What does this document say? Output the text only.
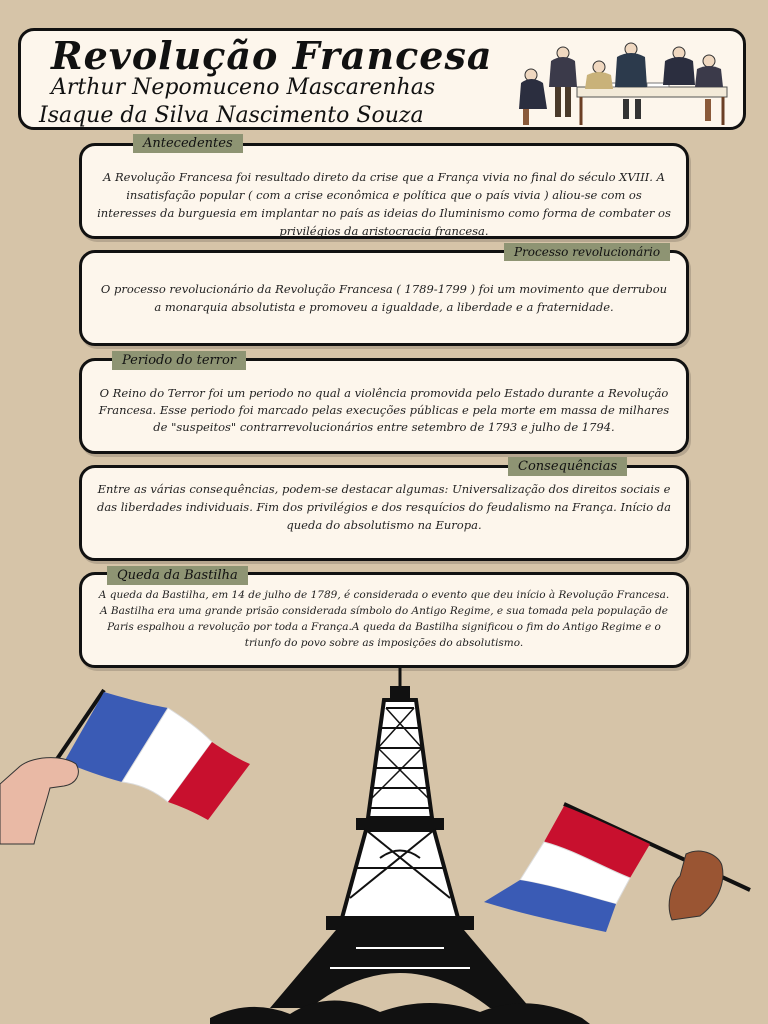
Revolução Francesa

Arthur Nepomuceno Mascarenhas

Isaque da Silva Nascimento Souza

A Revolução Francesa foi resultado direto da crise que a França vivia no final do século XVIII. A insatisfação popular ( com a crise econômica e política que o país vivia ) aliou-se com os interesses da burguesia em implantar no país as ideias do Iluminismo como forma de combater os privilégios da aristocracia francesa.

Antecedentes

O processo revolucionário da Revolução Francesa ( 1789-1799 ) foi um movimento que derrubou a monarquia absolutista e promoveu a igualdade, a liberdade e a fraternidade.

Processo revolucionário

O Reino do Terror foi um periodo no qual a violência promovida pelo Estado durante a Revolução Francesa. Esse periodo foi marcado pelas execuções públicas e pela morte em massa de milhares de "suspeitos" contrarrevolucionários entre setembro de 1793 e julho de 1794.

Periodo do terror

Entre as várias consequências, podem-se destacar algumas: Universalização dos direitos sociais e das liberdades individuais. Fim dos privilégios e dos resquícios do feudalismo na França. Início da queda do absolutismo na Europa.

Consequências

A queda da Bastilha, em 14 de julho de 1789, é considerada o evento que deu início à Revolução Francesa. A Bastilha era uma grande prisão considerada símbolo do Antigo Regime, e sua tomada pela população de Paris espalhou a revolução por toda a França.A queda da Bastilha significou o fim do Antigo Regime e o triunfo do povo sobre as imposições do absolutismo.

Queda da Bastilha
